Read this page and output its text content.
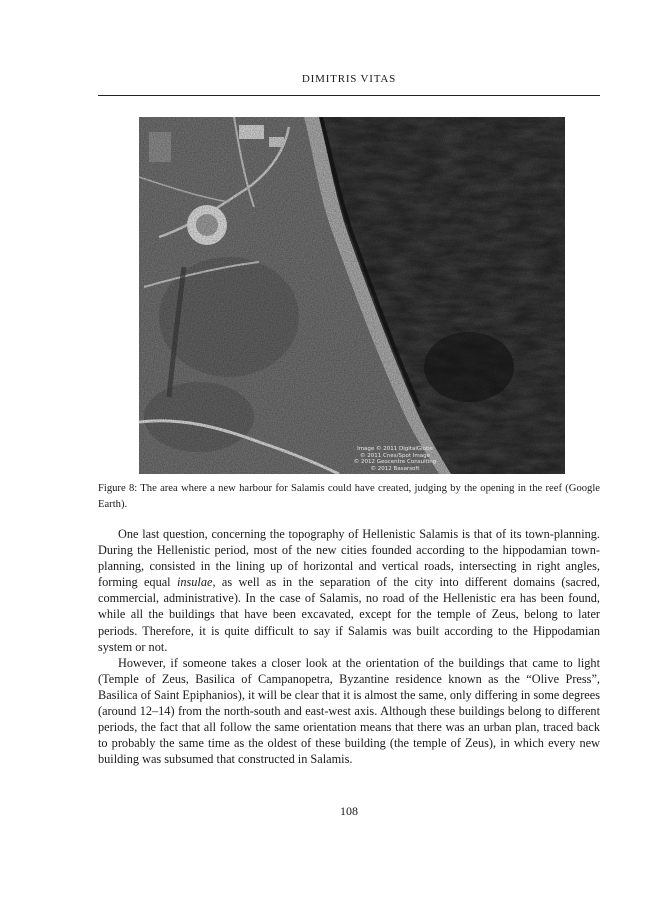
DIMITRIS VITAS
Image © 2011 DigitalGlobe
© 2011 Cnes/Spot Image
© 2012 Geocentre Consulting
© 2012 Basarsoft
Figure 8: The area where a new harbour for Salamis could have created, judging by the opening in the reef (Google Earth).

One last question, concerning the topography of Hellenistic Salamis is that of its town-planning. During the Hellenistic period, most of the new cities founded according to the hippodamian town-planning, consisted in the lining up of horizontal and vertical roads, intersecting in right angles, forming equal insulae, as well as in the separation of the city into different domains (sacred, commercial, administrative). In the case of Salamis, no road of the Hellenistic era has been found, while all the buildings that have been excavated, except for the temple of Zeus, belong to later periods. Therefore, it is quite difficult to say if Salamis was built according to the Hippodamian system or not.

However, if someone takes a closer look at the orientation of the buildings that came to light (Temple of Zeus, Basilica of Campanopetra, Byzantine residence known as the “Olive Press”, Basilica of Saint Epiphanios), it will be clear that it is almost the same, only differing in some degrees (around 12–14) from the north-south and east-west axis. Although these buildings belong to different periods, the fact that all follow the same orientation means that there was an urban plan, traced back to probably the same time as the oldest of these building (the temple of Zeus), in which every new building was subsumed that constructed in Salamis.

108
